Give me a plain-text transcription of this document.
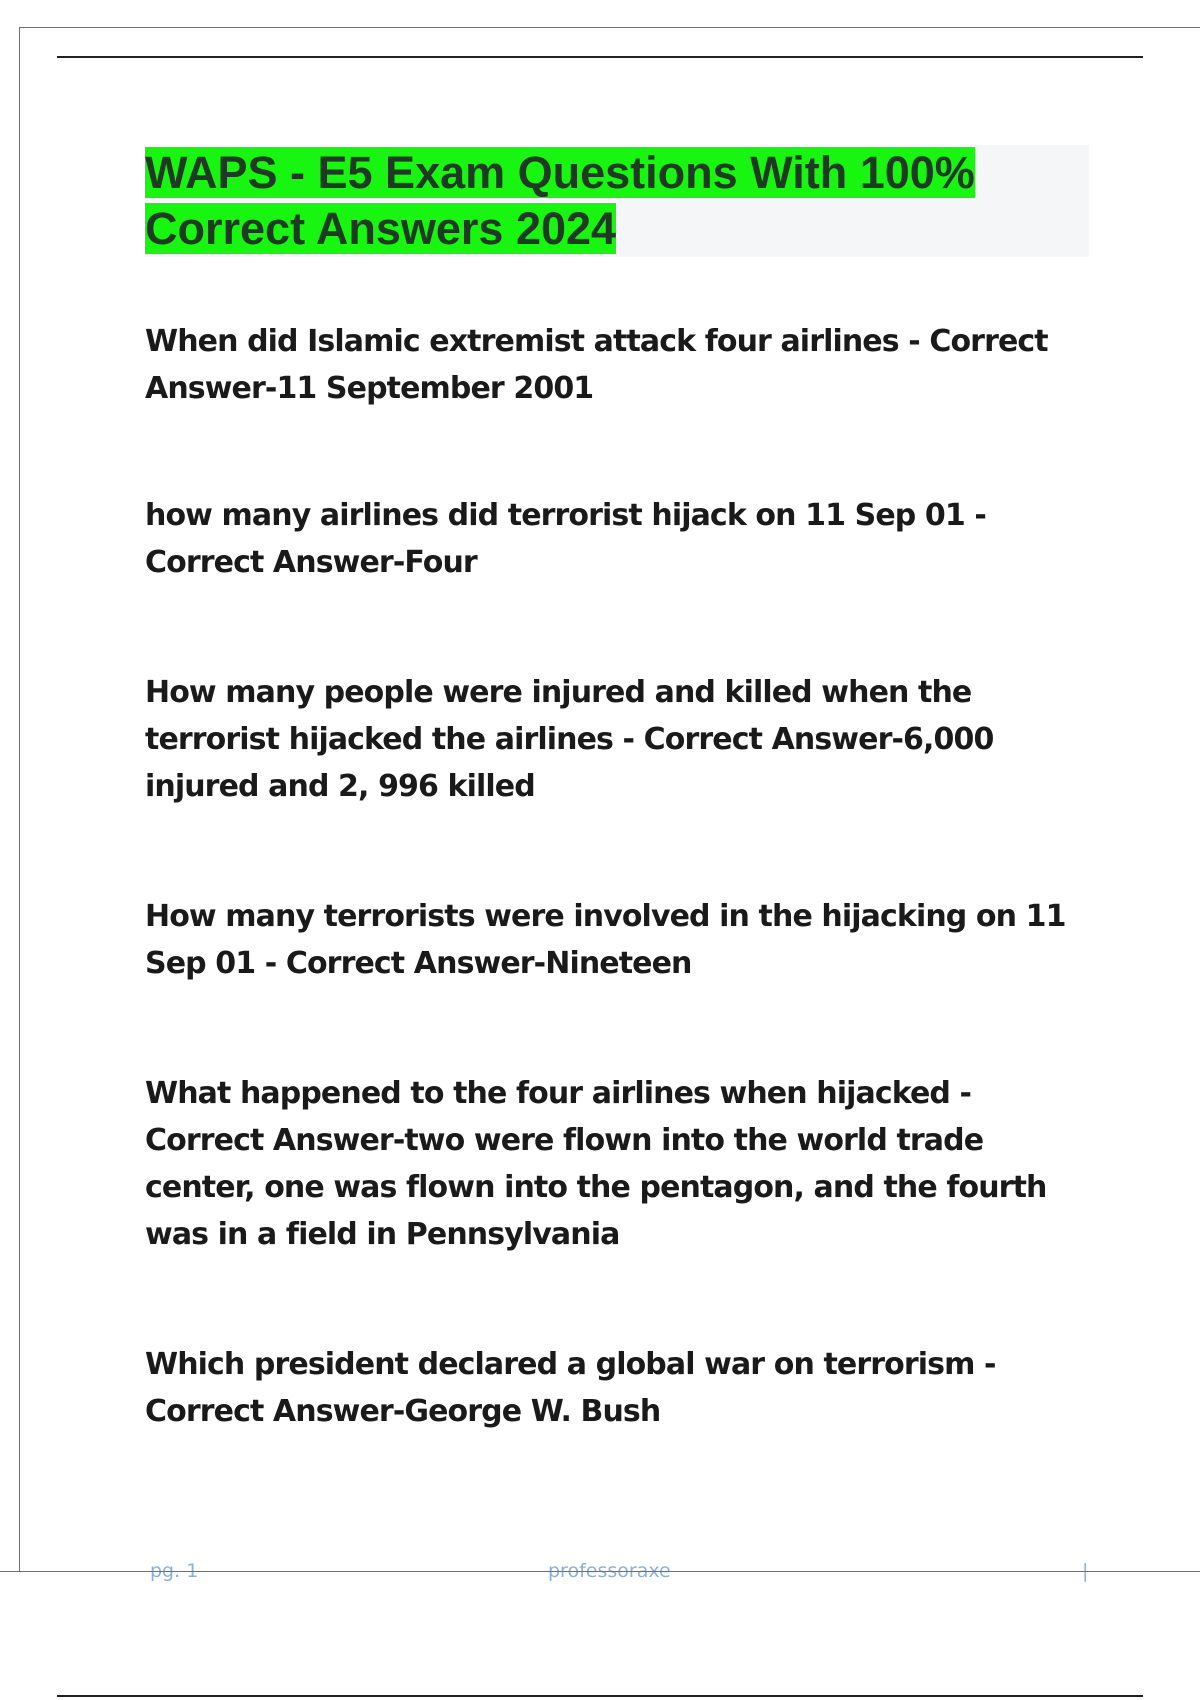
WAPS - E5 Exam Questions With 100% Correct Answers 2024

When did Islamic extremist attack four airlines - Correct Answer-11 September 2001

how many airlines did terrorist hijack on 11 Sep 01 - Correct Answer-Four

How many people were injured and killed when the terrorist hijacked the airlines - Correct Answer-6,000 injured and 2, 996 killed

How many terrorists were involved in the hijacking on 11 Sep 01 - Correct Answer-Nineteen

What happened to the four airlines when hijacked - Correct Answer-two were flown into the world trade center, one was flown into the pentagon, and the fourth was in a field in Pennsylvania

Which president declared a global war on terrorism - Correct Answer-George W. Bush

pg. 1	professoraxe	|
